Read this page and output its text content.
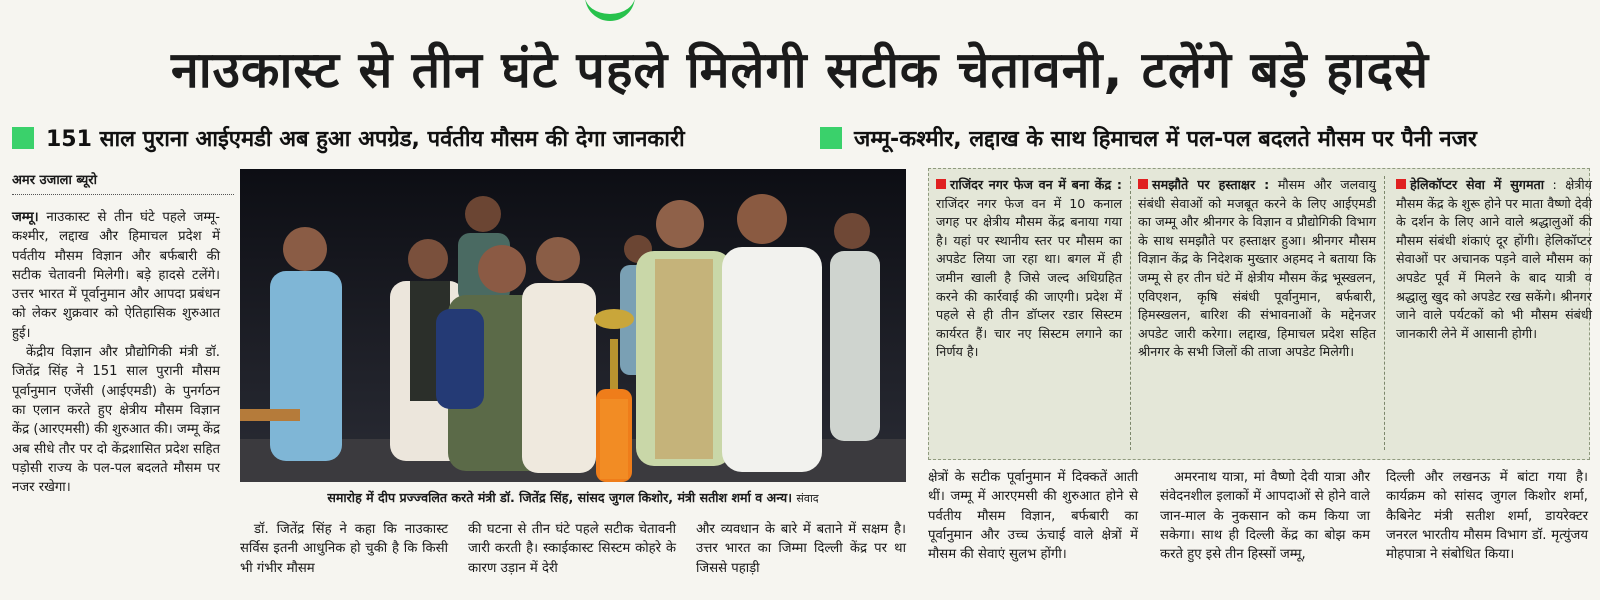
नाउकास्ट से तीन घंटे पहले मिलेगी सटीक चेतावनी, टलेंगे बड़े हादसे
151 साल पुराना आईएमडी अब हुआ अपग्रेड, पर्वतीय मौसम की देगा जानकारी	जम्मू-कश्मीर, लद्दाख के साथ हिमाचल में पल-पल बदलते मौसम पर पैनी नजर
अमर उजाला ब्यूरो

जम्मू। नाउकास्ट से तीन घंटे पहले जम्मू-कश्मीर, लद्दाख और हिमाचल प्रदेश में पर्वतीय मौसम विज्ञान और बर्फबारी की सटीक चेतावनी मिलेगी। बड़े हादसे टलेंगे। उत्तर भारत में पूर्वानुमान और आपदा प्रबंधन को लेकर शुक्रवार को ऐतिहासिक शुरुआत हुई।

केंद्रीय विज्ञान और प्रौद्योगिकी मंत्री डॉ. जितेंद्र सिंह ने 151 साल पुरानी मौसम पूर्वानुमान एजेंसी (आईएमडी) के पुनर्गठन का एलान करते हुए क्षेत्रीय मौसम विज्ञान केंद्र (आरएमसी) की शुरुआत की। जम्मू केंद्र अब सीधे तौर पर दो केंद्रशासित प्रदेश सहित पड़ोसी राज्य के पल-पल बदलते मौसम पर नजर रखेगा।

समारोह में दीप प्रज्ज्वलित करते मंत्री डॉ. जितेंद्र सिंह, सांसद जुगल किशोर, मंत्री सतीश शर्मा व अन्य। संवाद

डॉ. जितेंद्र सिंह ने कहा कि नाउकास्ट सर्विस इतनी आधुनिक हो चुकी है कि किसी भी गंभीर मौसम

की घटना से तीन घंटे पहले सटीक चेतावनी जारी करती है। स्काईकास्ट सिस्टम कोहरे के कारण उड़ान में देरी

और व्यवधान के बारे में बताने में सक्षम है। उत्तर भारत का जिम्मा दिल्ली केंद्र पर था जिससे पहाड़ी

राजिंदर नगर फेज वन में बना केंद्र : राजिंदर नगर फेज वन में 10 कनाल जगह पर क्षेत्रीय मौसम केंद्र बनाया गया है। यहां पर स्थानीय स्तर पर मौसम का अपडेट लिया जा रहा था। बगल में ही जमीन खाली है जिसे जल्द अधिग्रहित करने की कार्रवाई की जाएगी। प्रदेश में पहले से ही तीन डॉप्लर रडार सिस्टम कार्यरत हैं। चार नए सिस्टम लगाने का निर्णय है।
समझौते पर हस्ताक्षर : मौसम और जलवायु संबंधी सेवाओं को मजबूत करने के लिए आईएमडी का जम्मू और श्रीनगर के विज्ञान व प्रौद्योगिकी विभाग के साथ समझौते पर हस्ताक्षर हुआ। श्रीनगर मौसम विज्ञान केंद्र के निदेशक मुख्तार अहमद ने बताया कि जम्मू से हर तीन घंटे में क्षेत्रीय मौसम केंद्र भूस्खलन, एविएशन, कृषि संबंधी पूर्वानुमान, बर्फबारी, हिमस्खलन, बारिश की संभावनाओं के मद्देनजर अपडेट जारी करेगा। लद्दाख, हिमाचल प्रदेश सहित श्रीनगर के सभी जिलों की ताजा अपडेट मिलेगी।
हेलिकॉप्टर सेवा में सुगमता : क्षेत्रीय मौसम केंद्र के शुरू होने पर माता वैष्णो देवी के दर्शन के लिए आने वाले श्रद्धालुओं की मौसम संबंधी शंकाएं दूर होंगी। हेलिकॉप्टर सेवाओं पर अचानक पड़ने वाले मौसम का अपडेट पूर्व में मिलने के बाद यात्री व श्रद्धालु खुद को अपडेट रख सकेंगे। श्रीनगर जाने वाले पर्यटकों को भी मौसम संबंधी जानकारी लेने में आसानी होगी।

क्षेत्रों के सटीक पूर्वानुमान में दिक्कतें आती थीं। जम्मू में आरएमसी की शुरुआत होने से पर्वतीय मौसम विज्ञान, बर्फबारी का पूर्वानुमान और उच्च ऊंचाई वाले क्षेत्रों में मौसम की सेवाएं सुलभ होंगी।

अमरनाथ यात्रा, मां वैष्णो देवी यात्रा और संवेदनशील इलाकों में आपदाओं से होने वाले जान-माल के नुकसान को कम किया जा सकेगा। साथ ही दिल्ली केंद्र का बोझ कम करते हुए इसे तीन हिस्सों जम्मू,

दिल्ली और लखनऊ में बांटा गया है। कार्यक्रम को सांसद जुगल किशोर शर्मा, कैबिनेट मंत्री सतीश शर्मा, डायरेक्टर जनरल भारतीय मौसम विभाग डॉ. मृत्युंजय मोहपात्रा ने संबोधित किया।
